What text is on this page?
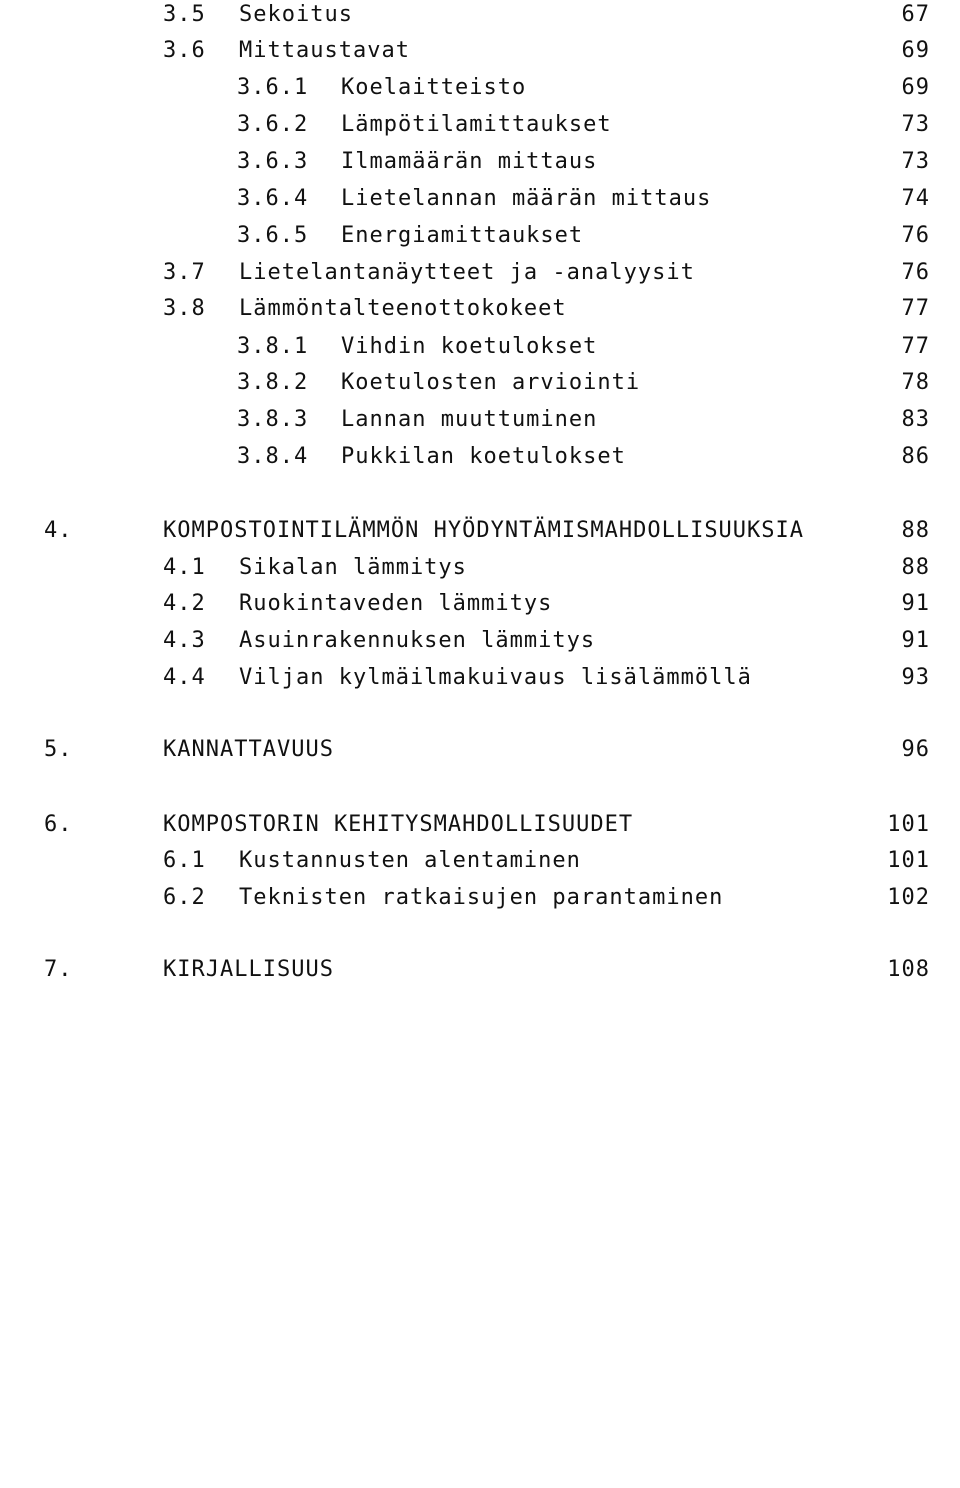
3.5 Sekoitus	67
3.6 Mittaustavat	69
3.6.1 Koelaitteisto	69
3.6.2 Lämpötilamittaukset	73
3.6.3 Ilmamäärän mittaus	73
3.6.4 Lietelannan määrän mittaus	74
3.6.5 Energiamittaukset	76
3.7 Lietelantanäytteet ja -analyysit	76
3.8 Lämmöntalteenottokokeet	77
3.8.1 Vihdin koetulokset	77
3.8.2 Koetulosten arviointi	78
3.8.3 Lannan muuttuminen	83
3.8.4 Pukkilan koetulokset	86
4.	KOMPOSTOINTILÄMMÖN HYÖDYNTÄMISMAHDOLLISUUKSIA	88
4.1 Sikalan lämmitys	88
4.2 Ruokintaveden lämmitys	91
4.3 Asuinrakennuksen lämmitys	91
4.4 Viljan kylmäilmakuivaus lisälämmöllä	93
5.	KANNATTAVUUS	96
6.	KOMPOSTORIN KEHITYSMAHDOLLISUUDET	101
6.1 Kustannusten alentaminen	101
6.2 Teknisten ratkaisujen parantaminen	102
7.	KIRJALLISUUS	108
